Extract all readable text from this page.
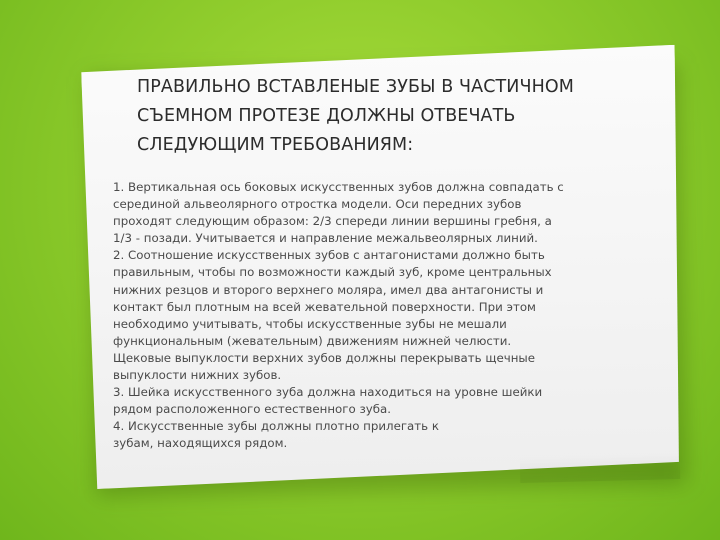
ПРАВИЛЬНО ВСТАВЛЕНЫЕ ЗУБЫ В ЧАСТИЧНОМ
СЪЕМНОМ ПРОТЕЗЕ ДОЛЖНЫ ОТВЕЧАТЬ
СЛЕДУЮЩИМ ТРЕБОВАНИЯМ:
1. Вертикальная ось боковых искусственных зубов должна совпадать с
серединой альвеолярного отростка модели. Оси передних зубов
проходят следующим образом: 2/3 спереди линии вершины гребня, а
1/3 - позади. Учитывается и направление межальвеолярных линий.
2. Соотношение искусственных зубов с антагонистами должно быть
правильным, чтобы по возможности каждый зуб, кроме центральных
нижних резцов и второго верхнего моляра, имел два антагонисты и
контакт был плотным на всей жевательной поверхности. При этом
необходимо учитывать, чтобы искусственные зубы не мешали
функциональным (жевательным) движениям нижней челюсти.
Щековые выпуклости верхних зубов должны перекрывать щечные
выпуклости нижних зубов.
3. Шейка искусственного зуба должна находиться на уровне шейки
рядом расположенного естественного зуба.
4. Искусственные зубы должны плотно прилегать к
зубам, находящихся рядом.
